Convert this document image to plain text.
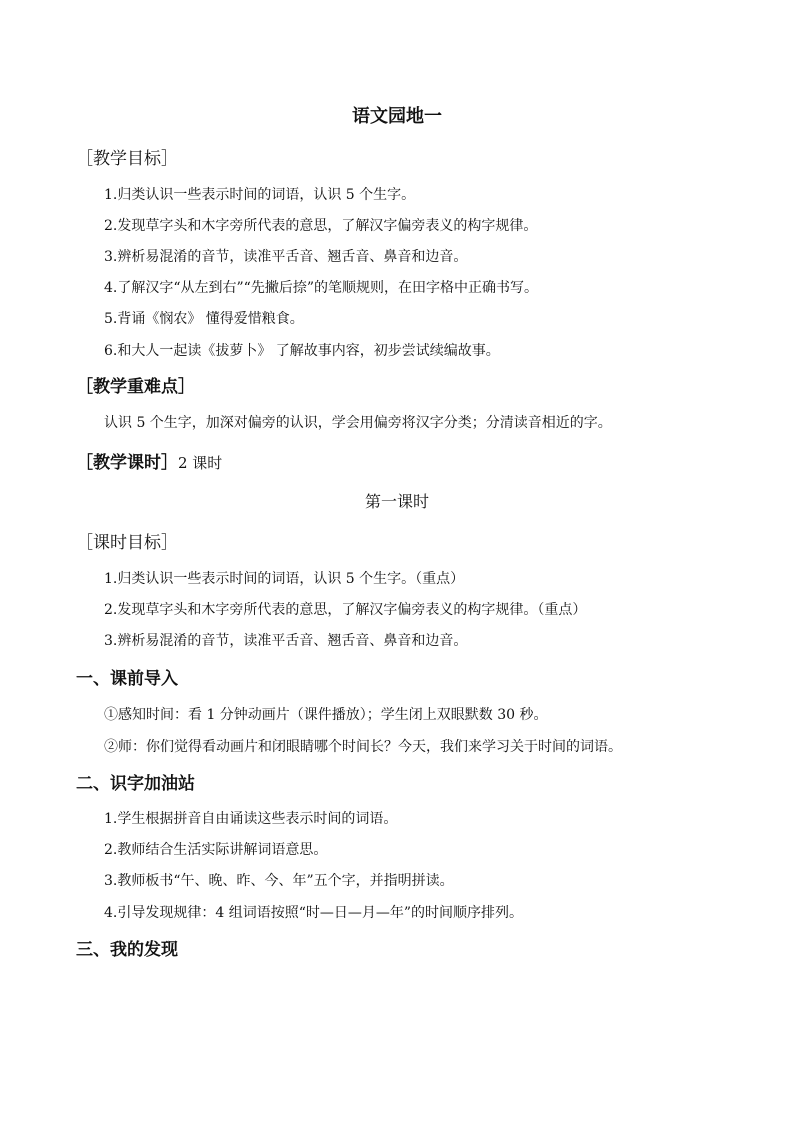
语文园地一
［教学目标］
1.归类认识一些表示时间的词语，认识 5 个生字。
2.发现草字头和木字旁所代表的意思，了解汉字偏旁表义的构字规律。
3.辨析易混淆的音节，读准平舌音、翘舌音、鼻音和边音。
4.了解汉字“从左到右”“先撇后捺”的笔顺规则，在田字格中正确书写。
5.背诵《悯农》 懂得爱惜粮食。
6.和大人一起读《拔萝卜》 了解故事内容，初步尝试续编故事。
［教学重难点］
认识 5 个生字，加深对偏旁的认识，学会用偏旁将汉字分类；分清读音相近的字。
［教学课时］2 课时
第一课时
［课时目标］
1.归类认识一些表示时间的词语，认识 5 个生字。（重点）
2.发现草字头和木字旁所代表的意思，了解汉字偏旁表义的构字规律。（重点）
3.辨析易混淆的音节，读准平舌音、翘舌音、鼻音和边音。
一、课前导入
①感知时间：看 1 分钟动画片（课件播放）；学生闭上双眼默数 30 秒。
②师：你们觉得看动画片和闭眼睛哪个时间长？今天，我们来学习关于时间的词语。
二、识字加油站
1.学生根据拼音自由诵读这些表示时间的词语。
2.教师结合生活实际讲解词语意思。
3.教师板书“午、晚、昨、今、年”五个字，并指明拼读。
4.引导发现规律：4 组词语按照“时—日—月—年”的时间顺序排列。
三、我的发现
